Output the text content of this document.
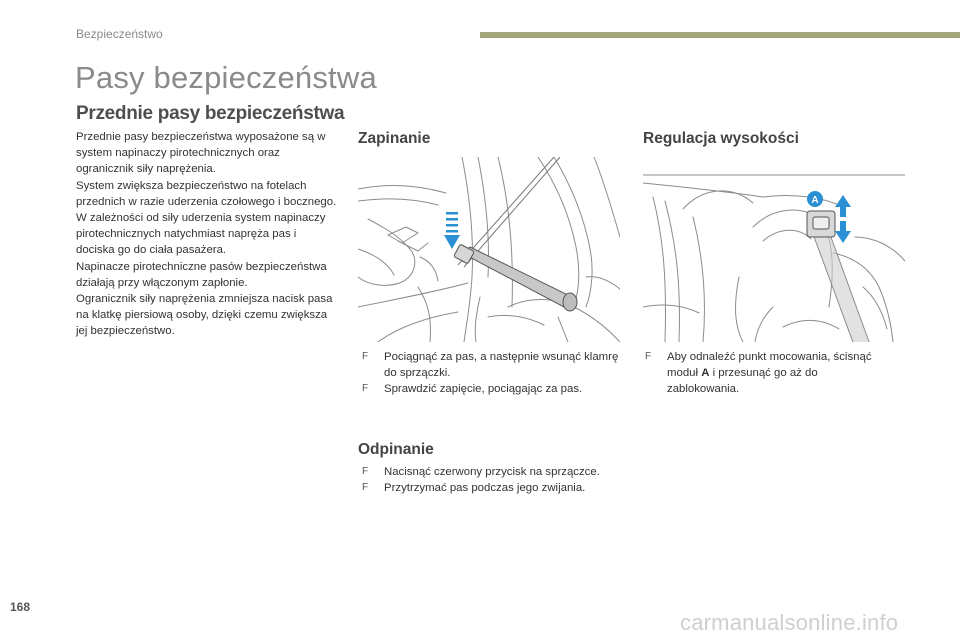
Bezpieczeństwo
Pasy bezpieczeństwa
Przednie pasy bezpieczeństwa

Przednie pasy bezpieczeństwa wyposażone są w system napinaczy pirotechnicznych oraz ogranicznik siły naprężenia.

System zwiększa bezpieczeństwo na fotelach przednich w razie uderzenia czołowego i bocznego. W zależności od siły uderzenia system napinaczy pirotechnicznych natychmiast napręża pas i dociska go do ciała pasażera.

Napinacze pirotechniczne pasów bezpieczeństwa działają przy włączonym zapłonie.

Ogranicznik siły naprężenia zmniejsza nacisk pasa na klatkę piersiową osoby, dzięki czemu zwiększa jej bezpieczeństwo.

Zapinanie
F Pociągnąć za pas, a następnie wsunąć klamrę do sprzączki.
F Sprawdzić zapięcie, pociągając za pas.
Regulacja wysokości
A
F Aby odnaleźć punkt mocowania, ścisnąć moduł A i przesunąć go aż do zablokowania.
Odpinanie
F Nacisnąć czerwony przycisk na sprzączce.
F Przytrzymać pas podczas jego zwijania.
168
carmanualsonline.info
